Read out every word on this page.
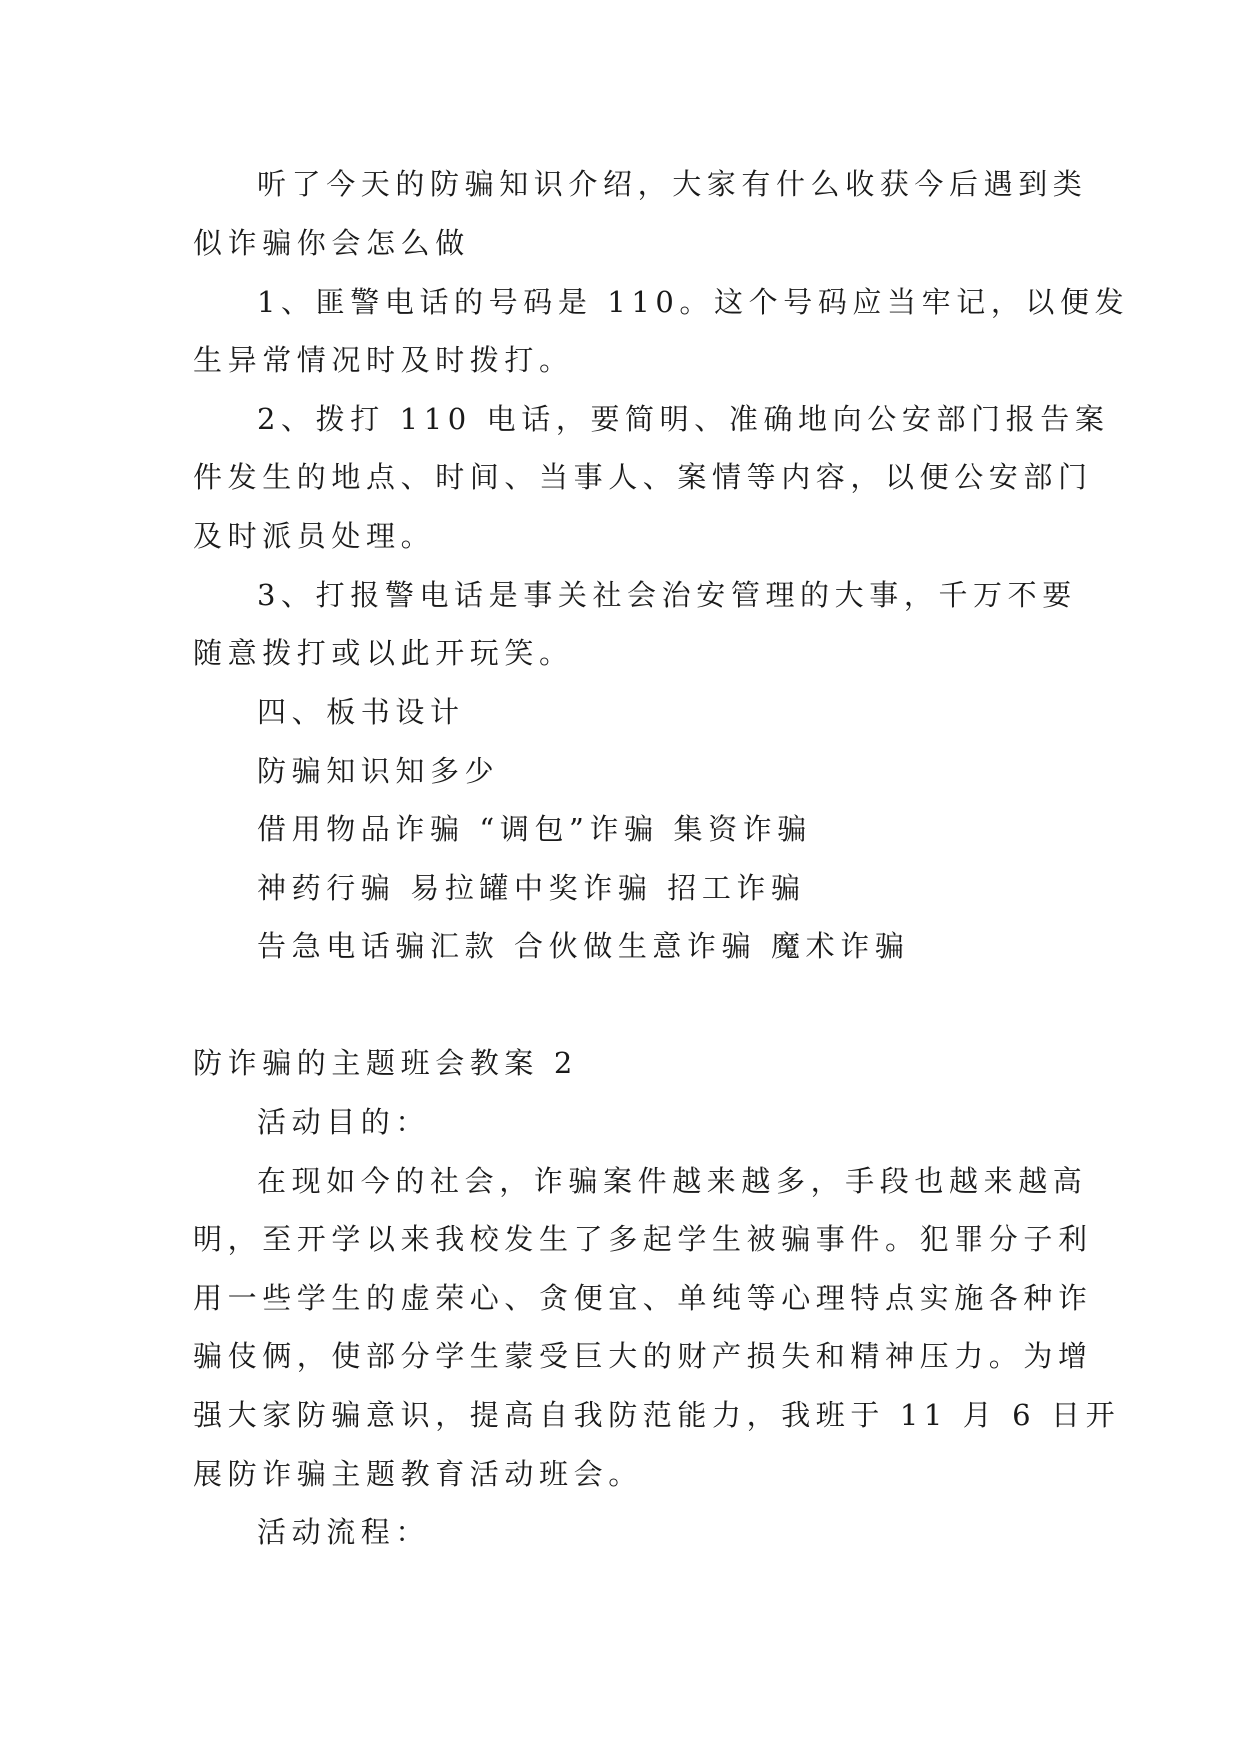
听了今天的防骗知识介绍，大家有什么收获今后遇到类

似诈骗你会怎么做

1、匪警电话的号码是 110。这个号码应当牢记，以便发

生异常情况时及时拨打。

2、拨打 110 电话，要简明、准确地向公安部门报告案

件发生的地点、时间、当事人、案情等内容，以便公安部门

及时派员处理。

3、打报警电话是事关社会治安管理的大事，千万不要

随意拨打或以此开玩笑。

四、板书设计

防骗知识知多少

借用物品诈骗 “调包”诈骗 集资诈骗

神药行骗 易拉罐中奖诈骗 招工诈骗

告急电话骗汇款 合伙做生意诈骗 魔术诈骗

防诈骗的主题班会教案 2

活动目的：

在现如今的社会，诈骗案件越来越多，手段也越来越高

明，至开学以来我校发生了多起学生被骗事件。犯罪分子利

用一些学生的虚荣心、贪便宜、单纯等心理特点实施各种诈

骗伎俩，使部分学生蒙受巨大的财产损失和精神压力。为增

强大家防骗意识，提高自我防范能力，我班于 11 月 6 日开

展防诈骗主题教育活动班会。

活动流程：
